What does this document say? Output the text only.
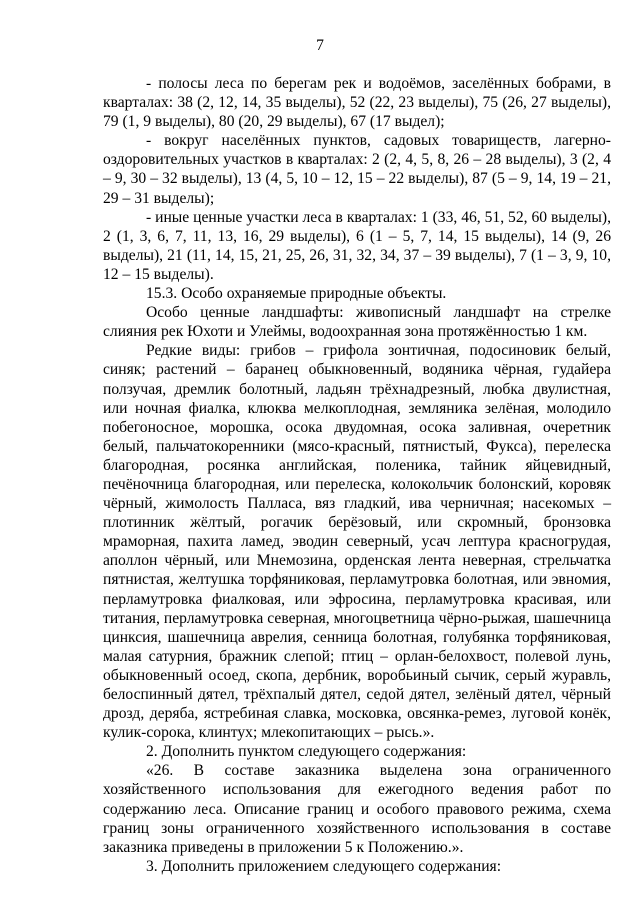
7

- полосы леса по берегам рек и водоёмов, заселённых бобрами, в кварталах: 38 (2, 12, 14, 35 выделы), 52 (22, 23 выделы), 75 (26, 27 выделы), 79 (1, 9 выделы), 80 (20, 29 выделы), 67 (17 выдел);

- вокруг населённых пунктов, садовых товариществ, лагерно-оздоровительных участков в кварталах: 2 (2, 4, 5, 8, 26 – 28 выделы), 3 (2, 4 – 9, 30 – 32 выделы), 13 (4, 5, 10 – 12, 15 – 22 выделы), 87 (5 – 9, 14, 19 – 21, 29 – 31 выделы);

- иные ценные участки леса в кварталах: 1 (33, 46, 51, 52, 60 выделы), 2 (1, 3, 6, 7, 11, 13, 16, 29 выделы), 6 (1 – 5, 7, 14, 15 выделы), 14 (9, 26 выделы), 21 (11, 14, 15, 21, 25, 26, 31, 32, 34, 37 – 39 выделы), 7 (1 – 3, 9, 10, 12 – 15 выделы).

15.3. Особо охраняемые природные объекты.

Особо ценные ландшафты: живописный ландшафт на стрелке слияния рек Юхоти и Улеймы, водоохранная зона протяжённостью 1 км.

Редкие виды: грибов – грифола зонтичная, подосиновик белый, синяк; растений – баранец обыкновенный, водяника чёрная, гудайера ползучая, дремлик болотный, ладьян трёхнадрезный, любка двулистная, или ночная фиалка, клюква мелкоплодная, земляника зелёная, молодило побегоносное, морошка, осока двудомная, осока заливная, очеретник белый, пальчатокоренники (мясо-красный, пятнистый, Фукса), перелеска благородная, росянка английская, поленика, тайник яйцевидный, печёночница благородная, или перелеска, колокольчик болонский, коровяк чёрный, жимолость Палласа, вяз гладкий, ива черничная; насекомых – плотинник жёлтый, рогачик берёзовый, или скромный, бронзовка мраморная, пахита ламед, эводин северный, усач лептура красногрудая, аполлон чёрный, или Мнемозина, орденская лента неверная, стрельчатка пятнистая, желтушка торфяниковая, перламутровка болотная, или эвномия, перламутровка фиалковая, или эфросина, перламутровка красивая, или титания, перламутровка северная, многоцветница чёрно-рыжая, шашечница цинксия, шашечница аврелия, сенница болотная, голубянка торфяниковая, малая сатурния, бражник слепой; птиц – орлан-белохвост, полевой лунь, обыкновенный осоед, скопа, дербник, воробьиный сычик, серый журавль, белоспинный дятел, трёхпалый дятел, седой дятел, зелёный дятел, чёрный дрозд, деряба, ястребиная славка, московка, овсянка-ремез, луговой конёк, кулик-сорока, клинтух; млекопитающих – рысь.».

2. Дополнить пунктом следующего содержания:

«26. В составе заказника выделена зона ограниченного хозяйственного использования для ежегодного ведения работ по содержанию леса. Описание границ и особого правового режима, схема границ зоны ограниченного хозяйственного использования в составе заказника приведены в приложении 5 к Положению.».

3. Дополнить приложением следующего содержания:
